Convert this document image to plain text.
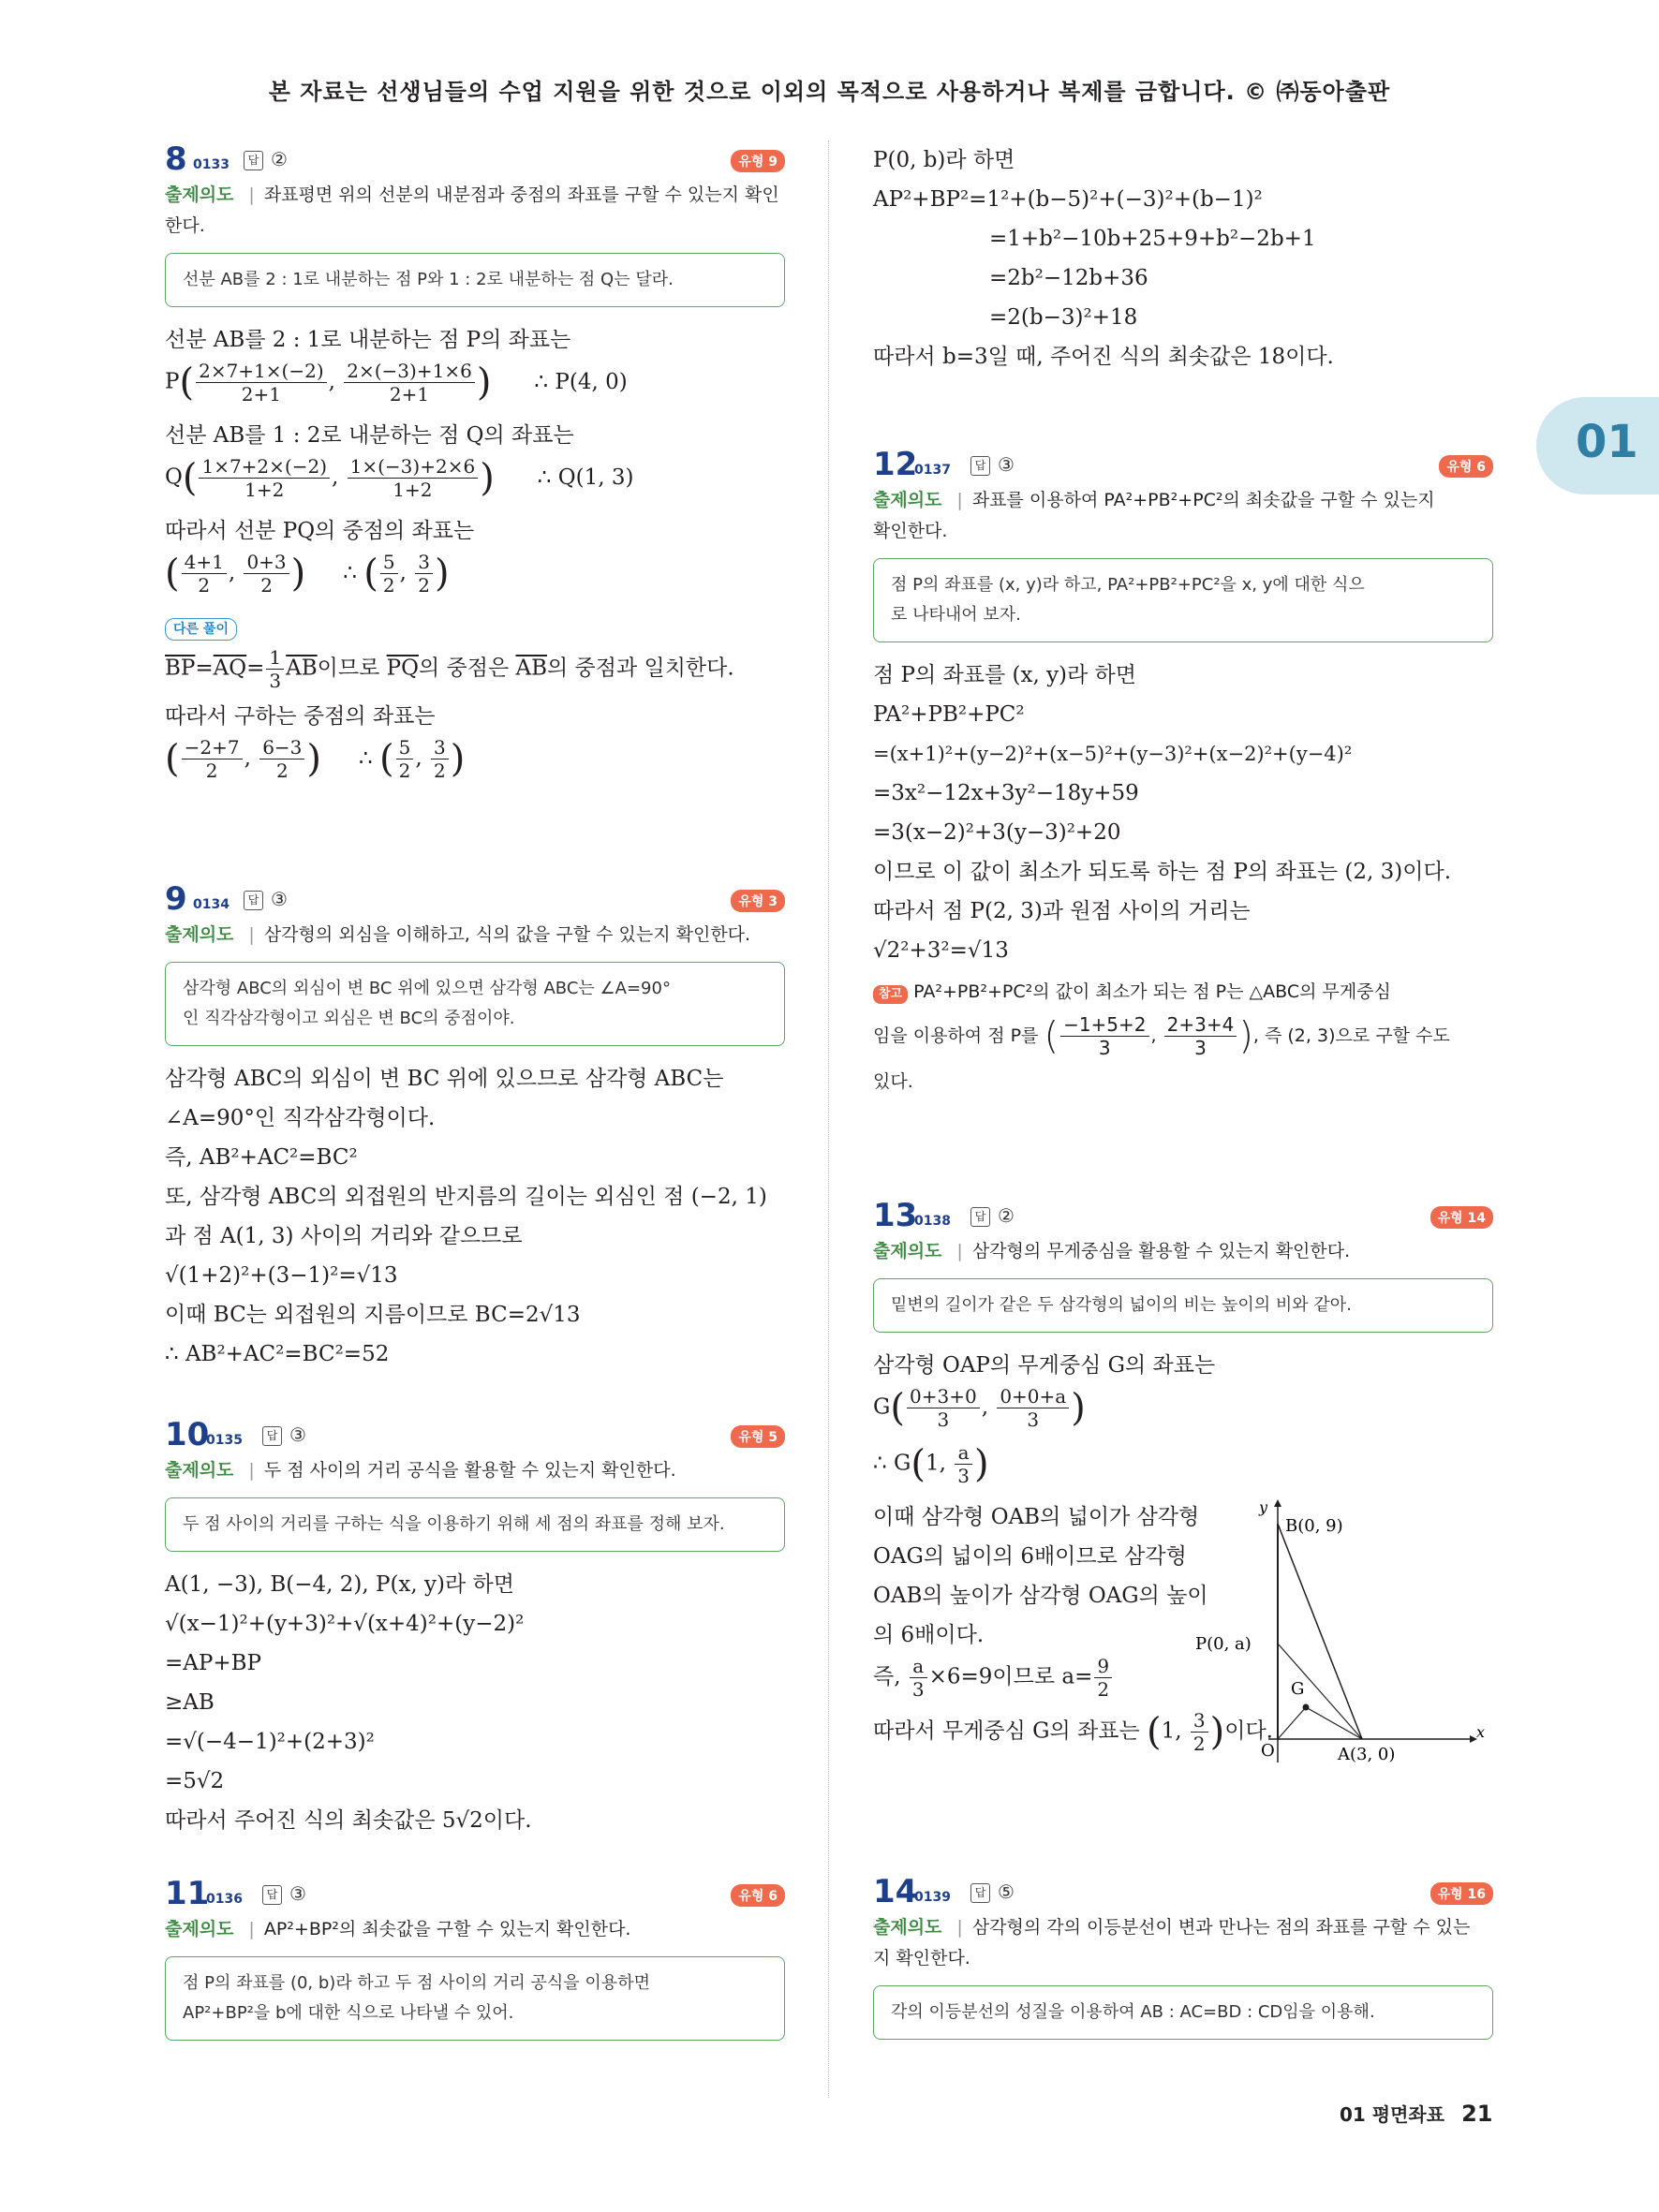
본 자료는 선생님들의 수업 지원을 위한 것으로 이외의 목적으로 사용하거나 복제를 금합니다. © ㈜동아출판
01
8 0133	답 ②	유형 9
출제의도 | 좌표평면 위의 선분의 내분점과 중점의 좌표를 구할 수 있는지 확인한다.
선분 AB를 2 : 1로 내분하는 점 P와 1 : 2로 내분하는 점 Q는 달라.
선분 AB를 2 : 1로 내분하는 점 P의 좌표는
$P( \frac{2\times 7+1\times(-2)}{2+1}$ , $\frac{2\times(-3)+1\times 6}{2+1}$ ) ∴ P(4, 0)
선분 AB를 1 : 2로 내분하는 점 Q의 좌표는
$Q( \frac{1\times 7+2\times(-2)}{1+2}$ , $\frac{1\times(-3)+2\times 6}{1+2}$ ) ∴ Q(1, 3)
따라서 선분 PQ의 중점의 좌표는
( $\frac{4+1}{2}$ , $\frac{0+3}{2}$ ) ∴ ( $\frac{5}{2}$ , $\frac{3}{2}$ )
다른 풀이
$\overline{BP}=\overline{AQ}= \frac{1}{3} \overline{AB}$이므로 $\overline{PQ}$의 중점은 $\overline{AB}$의 중점과 일치한다.
따라서 구하는 중점의 좌표는
( $\frac{-2+7}{2}$ , $\frac{6-3}{2}$ ) ∴ ( $\frac{5}{2}$ , $\frac{3}{2}$ )
9 0134	답 ③	유형 3
출제의도 | 삼각형의 외심을 이해하고, 식의 값을 구할 수 있는지 확인한다.
삼각형 ABC의 외심이 변 BC 위에 있으면 삼각형 ABC는 ∠A=90°
인 직각삼각형이고 외심은 변 BC의 중점이야.
삼각형 ABC의 외심이 변 BC 위에 있으므로 삼각형 ABC는
∠A=90°인 직각삼각형이다.
즉, AB²+AC²=BC²
또, 삼각형 ABC의 외접원의 반지름의 길이는 외심인 점 (−2, 1)
과 점 A(1, 3) 사이의 거리와 같으므로
√(1+2)²+(3−1)²=√13
이때 BC는 외접원의 지름이므로 BC=2√13
∴ AB²+AC²=BC²=52
10
0135	답 ③	유형 5
출제의도 | 두 점 사이의 거리 공식을 활용할 수 있는지 확인한다.
두 점 사이의 거리를 구하는 식을 이용하기 위해 세 점의 좌표를 정해 보자.
A(1, −3), B(−4, 2), P(x, y)라 하면
√(x−1)²+(y+3)²+√(x+4)²+(y−2)²
=AP+BP
≥AB
=√(−4−1)²+(2+3)²
=5√2
따라서 주어진 식의 최솟값은 5√2이다.
11
0136	답 ③	유형 6
출제의도 | AP²+BP²의 최솟값을 구할 수 있는지 확인한다.
점 P의 좌표를 (0, b)라 하고 두 점 사이의 거리 공식을 이용하면
AP²+BP²을 b에 대한 식으로 나타낼 수 있어.
P(0, b)라 하면
AP²+BP²=1²+(b−5)²+(−3)²+(b−1)²
=1+b²−10b+25+9+b²−2b+1
=2b²−12b+36
=2(b−3)²+18
따라서 b=3일 때, 주어진 식의 최솟값은 18이다.
12
0137	답 ③	유형 6
출제의도 | 좌표를 이용하여 PA²+PB²+PC²의 최솟값을 구할 수 있는지
확인한다.
점 P의 좌표를 (x, y)라 하고, PA²+PB²+PC²을 x, y에 대한 식으
로 나타내어 보자.
점 P의 좌표를 (x, y)라 하면
PA²+PB²+PC²
=(x+1)²+(y−2)²+(x−5)²+(y−3)²+(x−2)²+(y−4)²
=3x²−12x+3y²−18y+59
=3(x−2)²+3(y−3)²+20
이므로 이 값이 최소가 되도록 하는 점 P의 좌표는 (2, 3)이다.
따라서 점 P(2, 3)과 원점 사이의 거리는
√2²+3²=√13
참고 PA²+PB²+PC²의 값이 최소가 되는 점 P는 △ABC의 무게중심
임을 이용하여 점 P를 ( $\frac{-1+5+2}{3}$ , $\frac{2+3+4}{3}$ ), 즉 (2, 3)으로 구할 수도
있다.
13
0138	답 ②	유형 14
출제의도 | 삼각형의 무게중심을 활용할 수 있는지 확인한다.
밑변의 길이가 같은 두 삼각형의 넓이의 비는 높이의 비와 같아.
삼각형 OAP의 무게중심 G의 좌표는
$G( \frac{0+3+0}{3}$ , $\frac{0+0+a}{3}$ )
∴ G(1, $\frac{a}{3}$ )
이때 삼각형 OAB의 넓이가 삼각형
OAG의 넓이의 6배이므로 삼각형
OAB의 높이가 삼각형 OAG의 높이
의 6배이다.
즉, $\frac{a}{3} \times 6=9$이므로 $a= \frac{9}{2}$
따라서 무게중심 G의 좌표는 (1, $\frac{3}{2}$ )이다.
y
x
O
B(0, 9)
P(0, a)
G
A(3, 0)
14
0139	답 ⑤	유형 16
출제의도 | 삼각형의 각의 이등분선이 변과 만나는 점의 좌표를 구할 수 있는
지 확인한다.
각의 이등분선의 성질을 이용하여 AB : AC=BD : CD임을 이용해.
01 평면좌표 21
